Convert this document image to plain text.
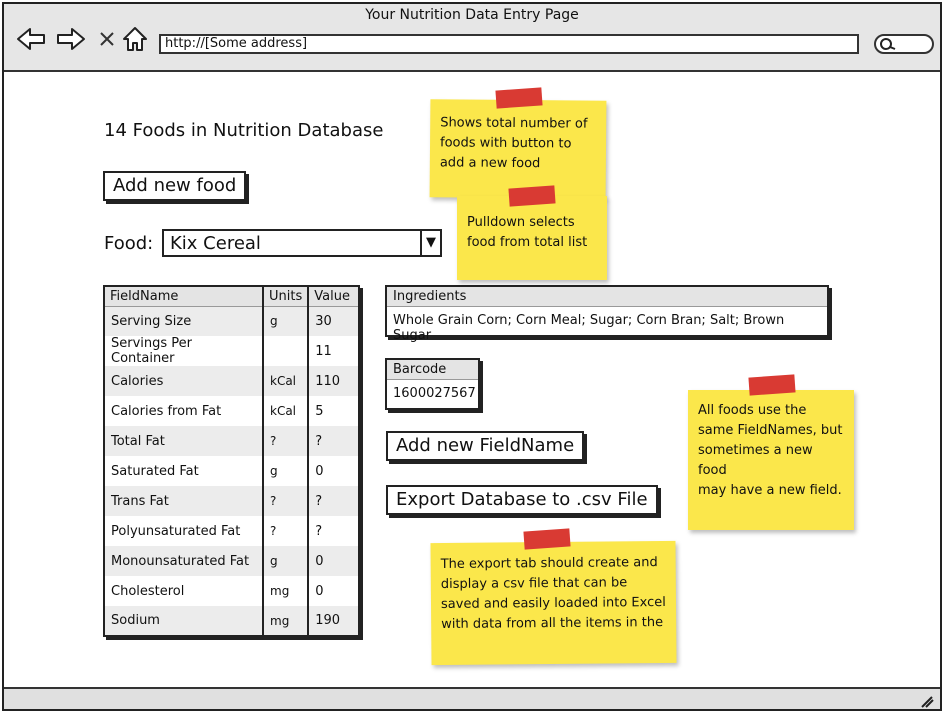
Your Nutrition Data Entry Page
http://[Some address]
14 Foods in Nutrition Database
Add new food
Food: Kix Cereal	▼
FieldName	Units	Value
Serving Size	g	30
Servings Per Container		11
Calories	kCal	110
Calories from Fat	kCal	5
Total Fat	?	?
Saturated Fat	g	0
Trans Fat	?	?
Polyunsaturated Fat	?	?
Monounsaturated Fat	g	0
Cholesterol	mg	0
Sodium	mg	190
Ingredients
Whole Grain Corn; Corn Meal; Sugar; Corn Bran; Salt; Brown Sugar
Barcode
1600027567
Add new FieldName
Export Database to .csv File
Shows total number of
foods with button to
add a new food
Pulldown selects
food from total list
All foods use the
same FieldNames, but
sometimes a new food
may have a new field.
The export tab should create and
display a csv file that can be
saved and easily loaded into Excel
with data from all the items in the
